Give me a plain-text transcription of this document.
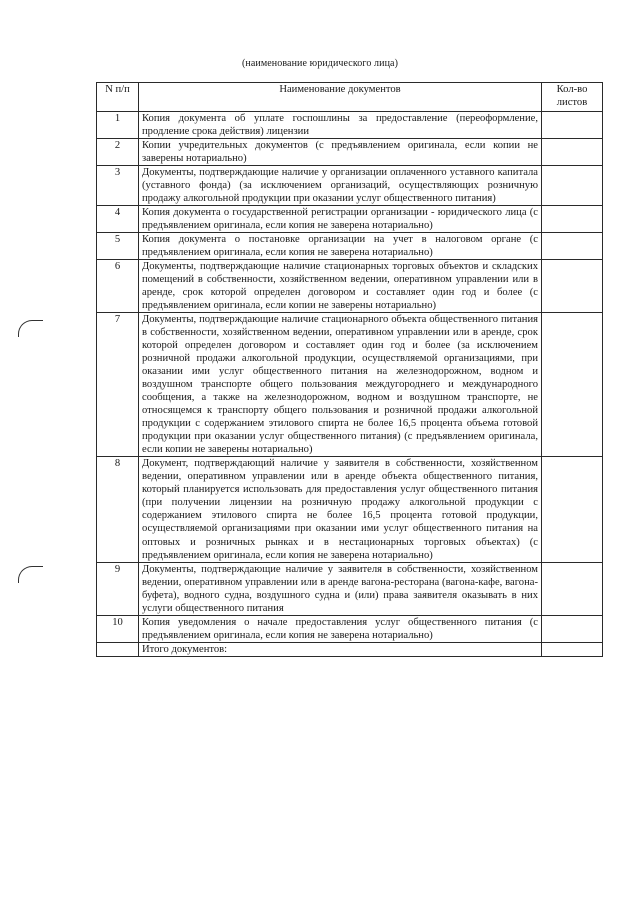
(наименование юридического лица)
N п/п	Наименование документов	Кол-во листов
1	Копия документа об уплате госпошлины за предоставление (переоформление, продление срока действия) лицензии	
2	Копии учредительных документов (с предъявлением оригинала, если копии не заверены нотариально)	
3	Документы, подтверждающие наличие у организации оплаченного уставного капитала (уставного фонда) (за исключением организаций, осуществляющих розничную продажу алкогольной продукции при оказании услуг общественного питания)	
4	Копия документа о государственной регистрации организации - юридического лица (с предъявлением оригинала, если копия не заверена нотариально)	
5	Копия документа о постановке организации на учет в налоговом органе (с предъявлением оригинала, если копия не заверена нотариально)	
6	Документы, подтверждающие наличие стационарных торговых объектов и складских помещений в собственности, хозяйственном ведении, оперативном управлении или в аренде, срок которой определен договором и составляет один год и более (с предъявлением оригинала, если копии не заверены нотариально)	
7	Документы, подтверждающие наличие стационарного объекта общественного питания в собственности, хозяйственном ведении, оперативном управлении или в аренде, срок которой определен договором и составляет один год и более (за исключением розничной продажи алкогольной продукции, осуществляемой организациями, при оказании ими услуг общественного питания на железнодорожном, водном и воздушном транспорте общего пользования междугороднего и международного сообщения, а также на железнодорожном, водном и воздушном транспорте, не относящемся к транспорту общего пользования и розничной продажи алкогольной продукции с содержанием этилового спирта не более 16,5 процента объема готовой продукции при оказании услуг общественного питания) (с предъявлением оригинала, если копии не заверены нотариально)	
8	Документ, подтверждающий наличие у заявителя в собственности, хозяйственном ведении, оперативном управлении или в аренде объекта общественного питания, который планируется использовать для предоставления услуг общественного питания (при получении лицензии на розничную продажу алкогольной продукции с содержанием этилового спирта не более 16,5 процента готовой продукции, осуществляемой организациями при оказании ими услуг общественного питания на оптовых и розничных рынках и в нестационарных торговых объектах) (с предъявлением оригинала, если копия не заверена нотариально)	
9	Документы, подтверждающие наличие у заявителя в собственности, хозяйственном ведении, оперативном управлении или в аренде вагона-ресторана (вагона-кафе, вагона-буфета), водного судна, воздушного судна и (или) права заявителя оказывать в них услуги общественного питания	
10	Копия уведомления о начале предоставления услуг общественного питания (с предъявлением оригинала, если копия не заверена нотариально)	
	Итого документов:	
